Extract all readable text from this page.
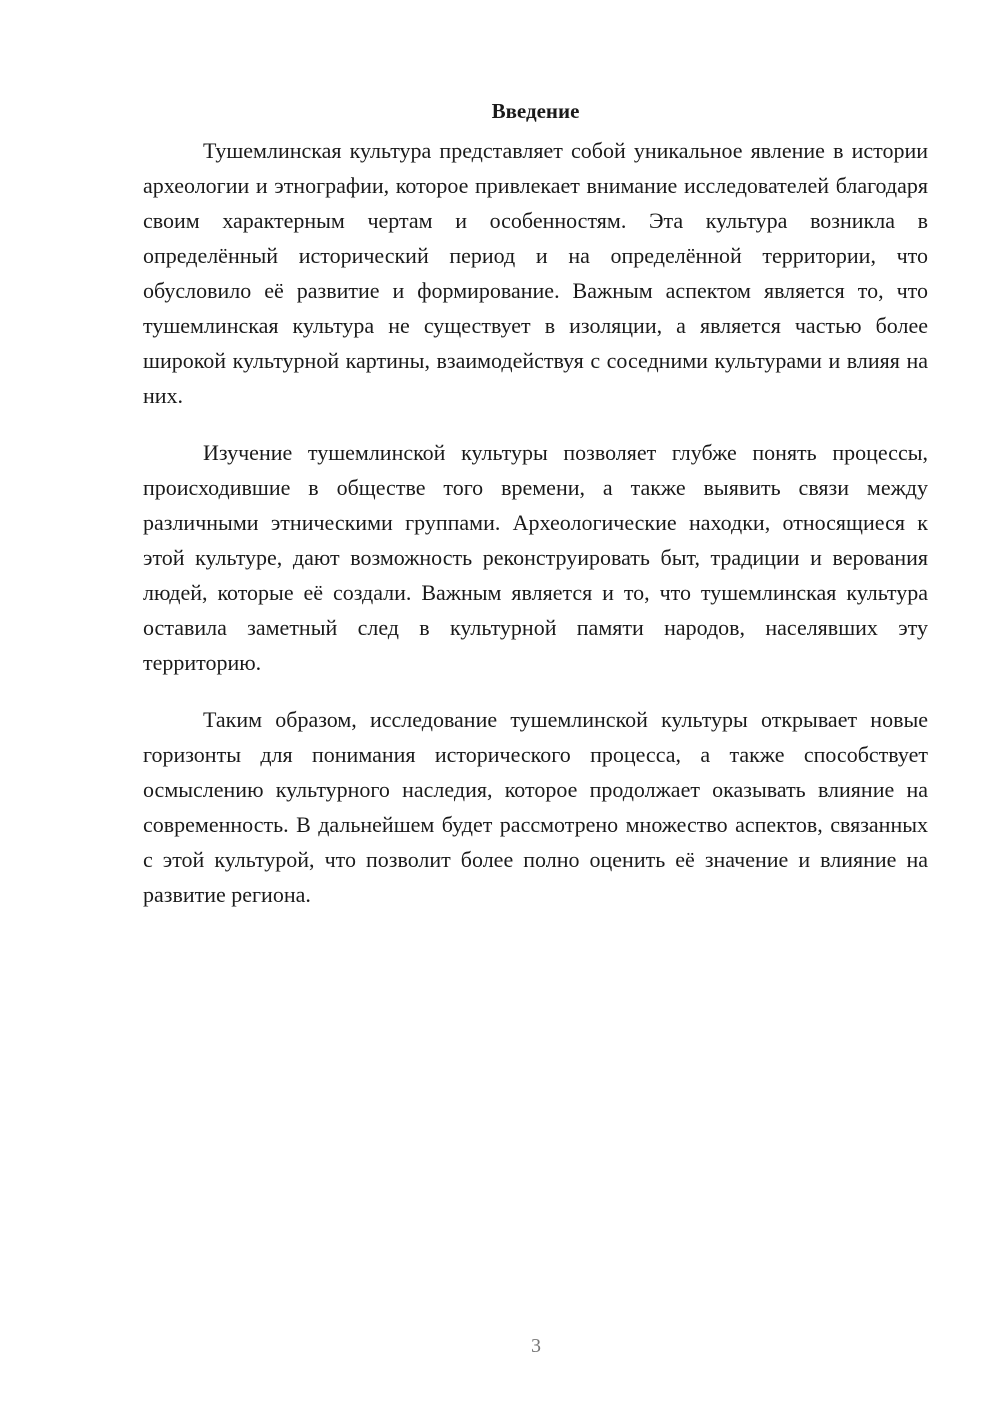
Введение

Тушемлинская культура представляет собой уникальное явление в истории археологии и этнографии, которое привлекает внимание исследователей благодаря своим характерным чертам и особенностям. Эта культура возникла в определённый исторический период и на определённой территории, что обусловило её развитие и формирование. Важным аспектом является то, что тушемлинская культура не существует в изоляции, а является частью более широкой культурной картины, взаимодействуя с соседними культурами и влияя на них.

Изучение тушемлинской культуры позволяет глубже понять процессы, происходившие в обществе того времени, а также выявить связи между различными этническими группами. Археологические находки, относящиеся к этой культуре, дают возможность реконструировать быт, традиции и верования людей, которые её создали. Важным является и то, что тушемлинская культура оставила заметный след в культурной памяти народов, населявших эту территорию.

Таким образом, исследование тушемлинской культуры открывает новые горизонты для понимания исторического процесса, а также способствует осмыслению культурного наследия, которое продолжает оказывать влияние на современность. В дальнейшем будет рассмотрено множество аспектов, связанных с этой культурой, что позволит более полно оценить её значение и влияние на развитие региона.

3
